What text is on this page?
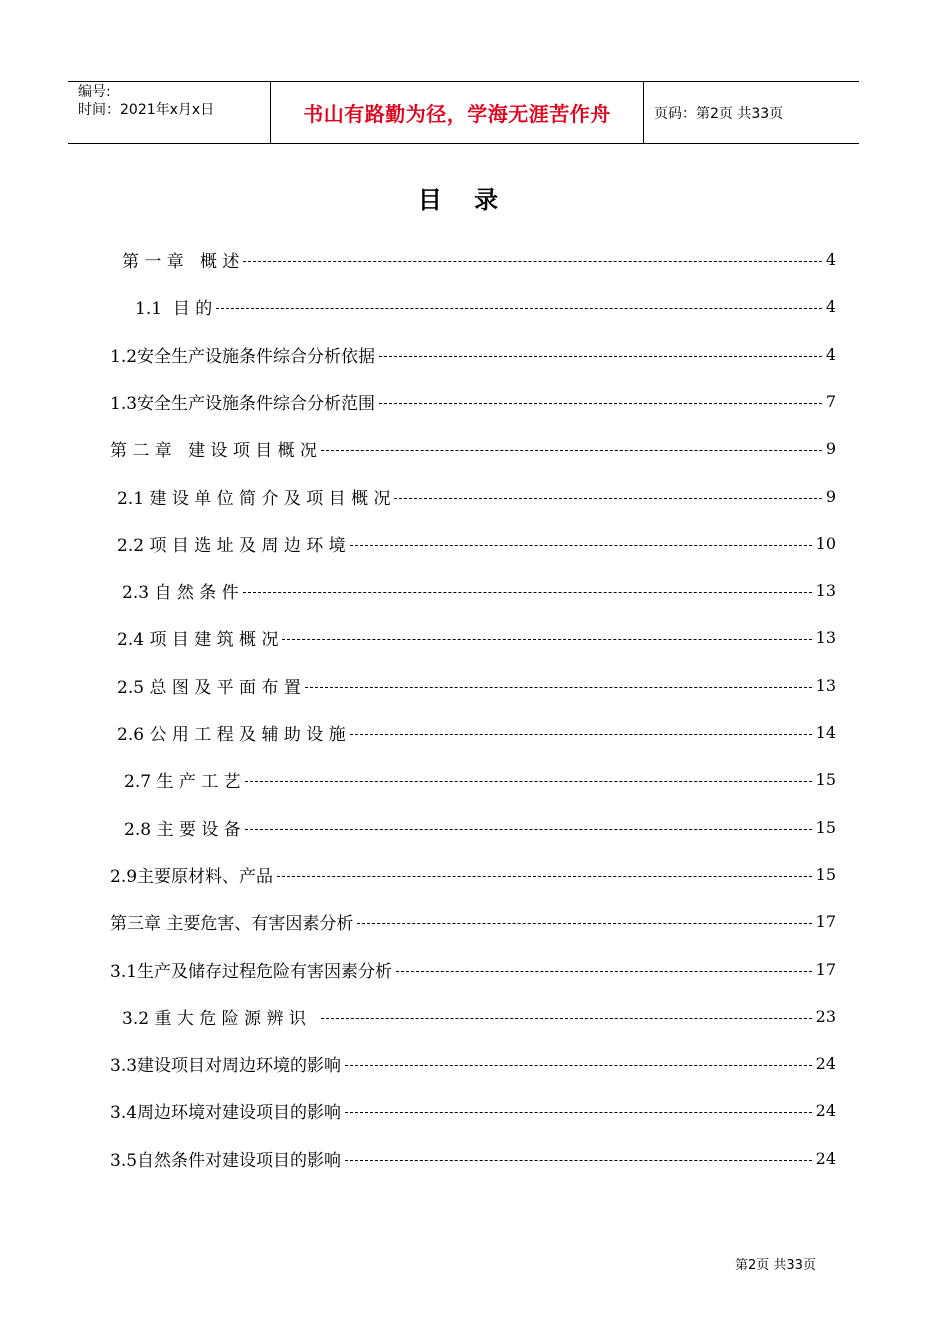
编号:
时间：2021年x月x日	书山有路勤为径，学海无涯苦作舟	页码：第2页 共33页
目 录
第 一 章   概 述	4
1.1  目 的	4
1.2安全生产设施条件综合分析依据	4
1.3安全生产设施条件综合分析范围	7
第 二 章   建 设 项 目 概 况	9
2.1 建 设 单 位 简 介 及 项 目 概 况	9
2.2 项 目 选 址 及 周 边 环 境	10
2.3 自 然 条 件	13
2.4 项 目 建 筑 概 况	13
2.5 总 图 及 平 面 布 置	13
2.6 公 用 工 程 及 辅 助 设 施	14
2.7 生 产 工 艺	15
2.8 主 要 设 备	15
2.9主要原材料、产品	15
第三章 主要危害、有害因素分析	17
3.1生产及储存过程危险有害因素分析	17
3.2 重 大 危 险 源 辨 识	23
3.3建设项目对周边环境的影响	24
3.4周边环境对建设项目的影响	24
3.5自然条件对建设项目的影响	24
第2页 共33页
